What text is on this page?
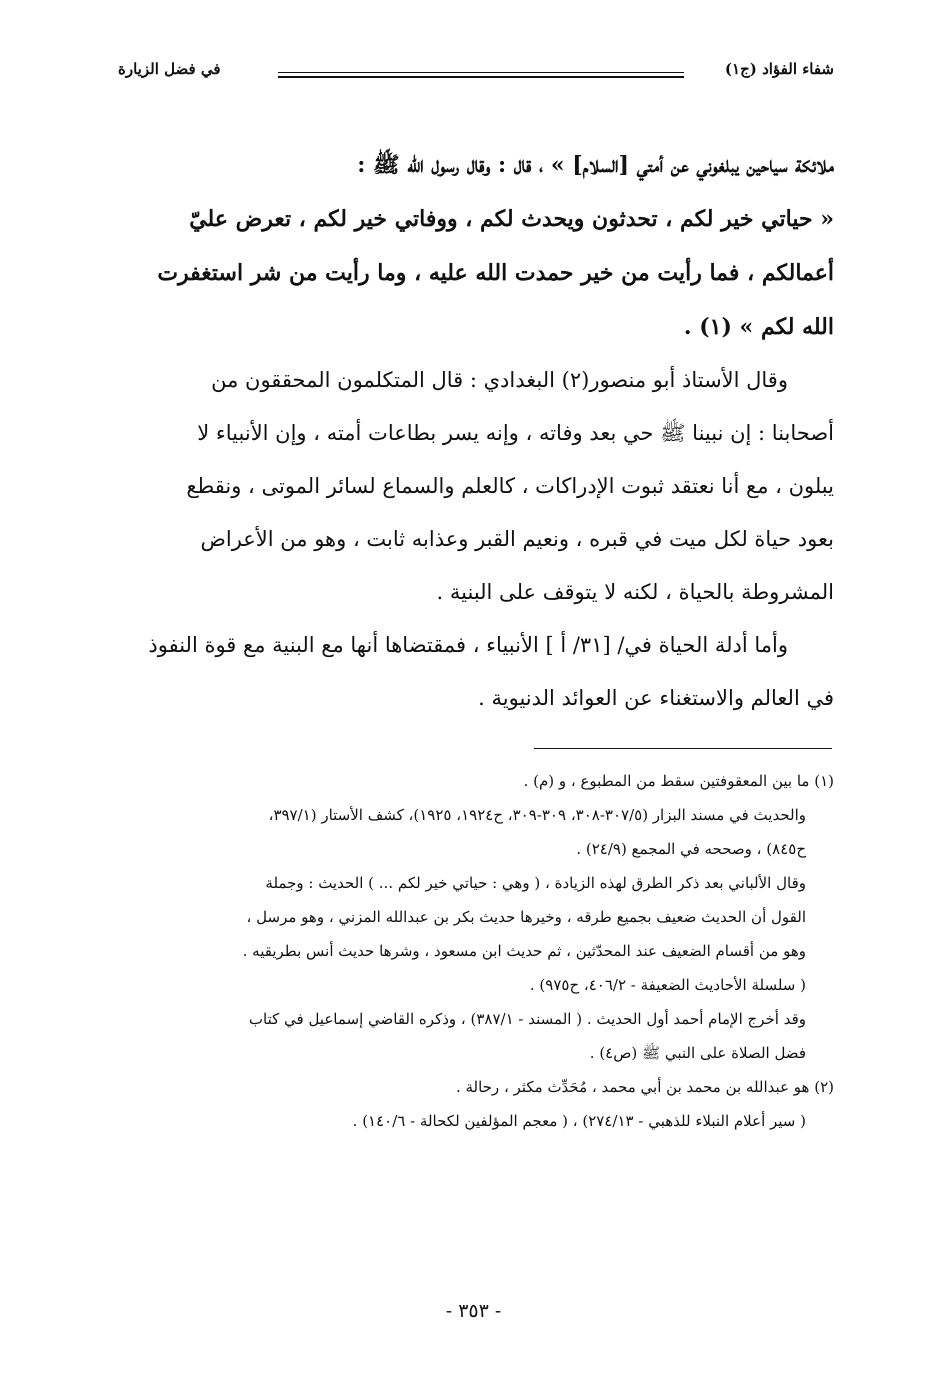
شفاء الفؤاد (ج١)
في فضل الزيارة
ملائكة سياحين يبلغوني عن أمتي [السلام] » ، قال : وقال رسول الله ﷺ :
« حياتي خير لكم ، تحدثون ويحدث لكم ، ووفاتي خير لكم ، تعرض عليّ
أعمالكم ، فما رأيت من خير حمدت الله عليه ، وما رأيت من شر استغفرت
الله لكم » (١) .
وقال الأستاذ أبو منصور(٢) البغدادي : قال المتكلمون المحققون من
أصحابنا : إن نبينا ﷺ حي بعد وفاته ، وإنه يسر بطاعات أمته ، وإن الأنبياء لا
يبلون ، مع أنا نعتقد ثبوت الإدراكات ، كالعلم والسماع لسائر الموتى ، ونقطع
بعود حياة لكل ميت في قبره ، ونعيم القبر وعذابه ثابت ، وهو من الأعراض
المشروطة بالحياة ، لكنه لا يتوقف على البنية .
وأما أدلة الحياة في/ [٣١/ أ ] الأنبياء ، فمقتضاها أنها مع البنية مع قوة النفوذ
في العالم والاستغناء عن العوائد الدنيوية .
(١) ما بين المعقوفتين سقط من المطبوع ، و (م) .
والحديث في مسند البزار (٣٠٧/٥-٣٠٨، ٣٠٩-٣٠٩، ح١٩٢٤، ١٩٢٥)، كشف الأستار (٣٩٧/١،
ح٨٤٥) ، وصححه في المجمع (٢٤/٩) .
وقال الألباني بعد ذكر الطرق لهذه الزيادة ، ( وهي : حياتي خير لكم ... ) الحديث : وجملة
القول أن الحديث ضعيف بجميع طرقه ، وخيرها حديث بكر بن عبدالله المزني ، وهو مرسل ،
وهو من أقسام الضعيف عند المحدّثين ، ثم حديث ابن مسعود ، وشرها حديث أنس بطريقيه .
( سلسلة الأحاديث الضعيفة - ٤٠٦/٢، ح٩٧٥) .
وقد أخرج الإمام أحمد أول الحديث . ( المسند - ٣٨٧/١) ، وذكره القاضي إسماعيل في كتاب
فضل الصلاة على النبي ﷺ (ص٤) .
(٢) هو عبدالله بن محمد بن أبي محمد ، مُحَدِّث مكثر ، رحالة .
( سير أعلام النبلاء للذهبي - ٢٧٤/١٣) ، ( معجم المؤلفين لكحالة - ١٤٠/٦) .
- ٣٥٣ -
